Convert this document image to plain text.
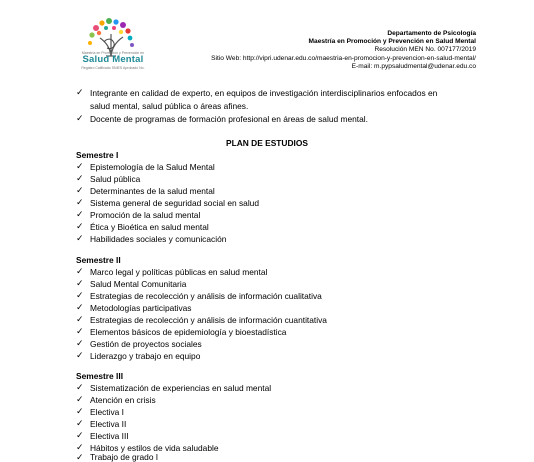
Maestría en Promoción y Prevención en
Salud Mental
Registro Calificado SNIES Aprobado No.
Departamento de Psicología
Maestría en Promoción y Prevención en Salud Mental
Resolución MEN No. 007177/2019
Sitio Web: http://vipri.udenar.edu.co/maestria-en-promocion-y-prevencion-en-salud-mental/
E-mail: m.pypsaludmental@udenar.edu.co
✓ Integrante en calidad de experto, en equipos de investigación interdisciplinarios enfocados en
salud mental, salud pública o áreas afines.
✓ Docente de programas de formación profesional en áreas de salud mental.
PLAN DE ESTUDIOS
Semestre I
✓ Epistemología de la Salud Mental
✓ Salud pública
✓ Determinantes de la salud mental
✓ Sistema general de seguridad social en salud
✓ Promoción de la salud mental
✓ Ética y Bioética en salud mental
✓ Habilidades sociales y comunicación
Semestre II
✓ Marco legal y políticas públicas en salud mental
✓ Salud Mental Comunitaria
✓ Estrategias de recolección y análisis de información cualitativa
✓ Metodologías participativas
✓ Estrategias de recolección y análisis de información cuantitativa
✓ Elementos básicos de epidemiología y bioestadística
✓ Gestión de proyectos sociales
✓ Liderazgo y trabajo en equipo
Semestre III
✓ Sistematización de experiencias en salud mental
✓ Atención en crisis
✓ Electiva I
✓ Electiva II
✓ Electiva III
✓ Hábitos y estilos de vida saludable
✓ Trabajo de grado I
